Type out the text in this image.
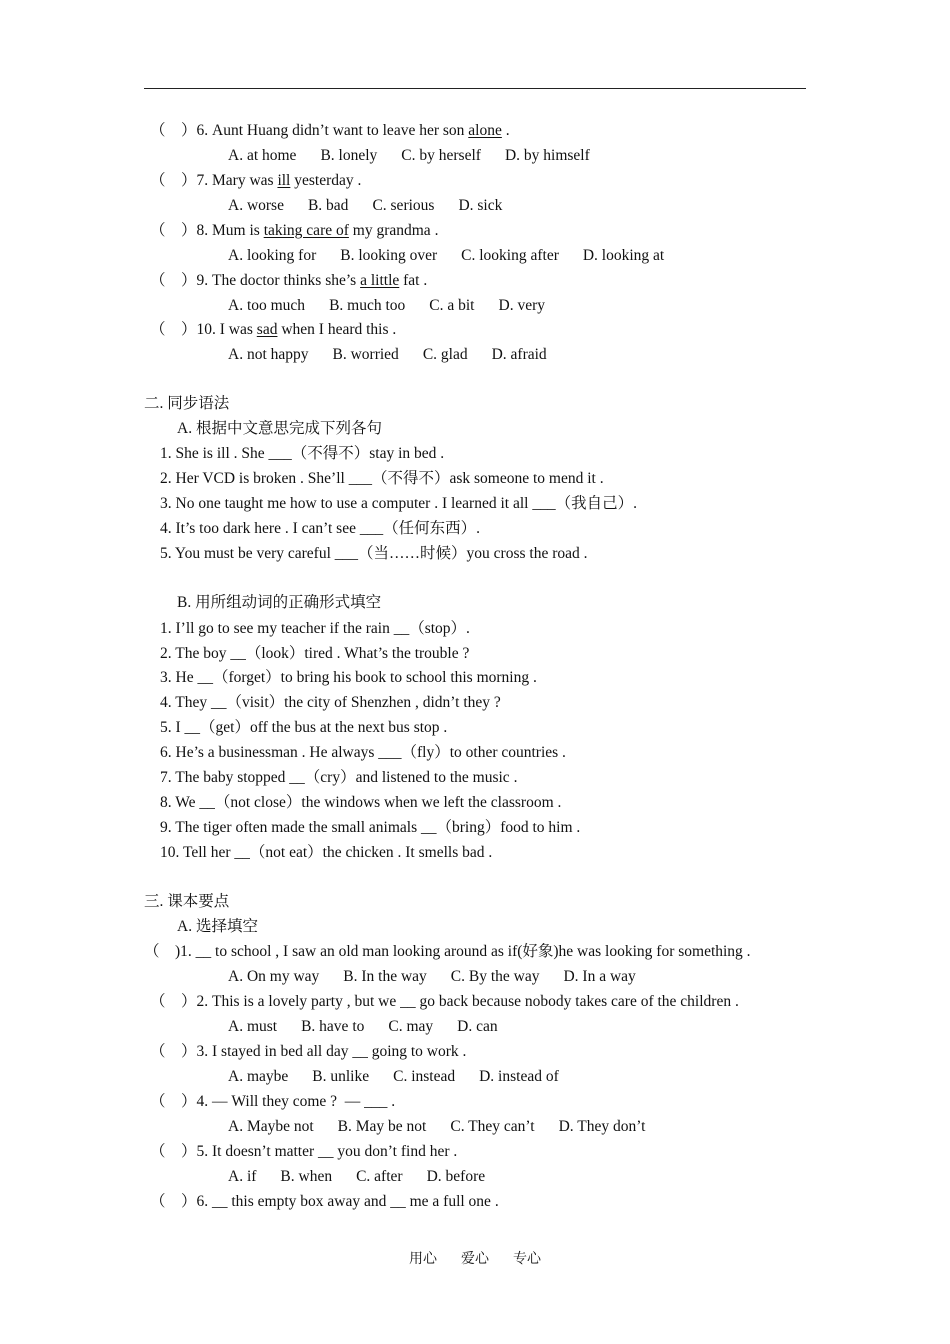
（　）6. Aunt Huang didn’t want to leave her son alone .
A. at home B. lonely C. by herself D. by himself
（　）7. Mary was ill yesterday .
A. worse B. bad C. serious D. sick
（　）8. Mum is taking care of my grandma .
A. looking for B. looking over C. looking after D. looking at
（　）9. The doctor thinks she’s a little fat .
A. too much B. much too C. a bit D. very
（　）10. I was sad when I heard this .
A. not happy B. worried C. glad D. afraid
二. 同步语法
A. 根据中文意思完成下列各句
1. She is ill . She ___（不得不）stay in bed .
2. Her VCD is broken . She’ll ___（不得不）ask someone to mend it .
3. No one taught me how to use a computer . I learned it all ___（我自己）.
4. It’s too dark here . I can’t see ___（任何东西）.
5. You must be very careful ___（当……时候）you cross the road .
B. 用所组动词的正确形式填空
1. I’ll go to see my teacher if the rain __（stop）.
2. The boy __（look）tired . What’s the trouble ?
3. He __（forget）to bring his book to school this morning .
4. They __（visit）the city of Shenzhen , didn’t they ?
5. I __（get）off the bus at the next bus stop .
6. He’s a businessman . He always ___（fly）to other countries .
7. The baby stopped __（cry）and listened to the music .
8. We __（not close）the windows when we left the classroom .
9. The tiger often made the small animals __（bring）food to him .
10. Tell her __（not eat）the chicken . It smells bad .
三. 课本要点
A. 选择填空
（　)1. __ to school , I saw an old man looking around as if(好象)he was looking for something .
A. On my way B. In the way C. By the way D. In a way
（　）2. This is a lovely party , but we __ go back because nobody takes care of the children .
A. must B. have to C. may D. can
（　）3. I stayed in bed all day __ going to work .
A. maybe B. unlike C. instead D. instead of
（　）4. — Will they come ?  — ___ .
A. Maybe not B. May be not C. They can’t D. They don’t
（　）5. It doesn’t matter __ you don’t find her .
A. if B. when C. after D. before
（　）6. __ this empty box away and __ me a full one .
用心 爱心 专心
